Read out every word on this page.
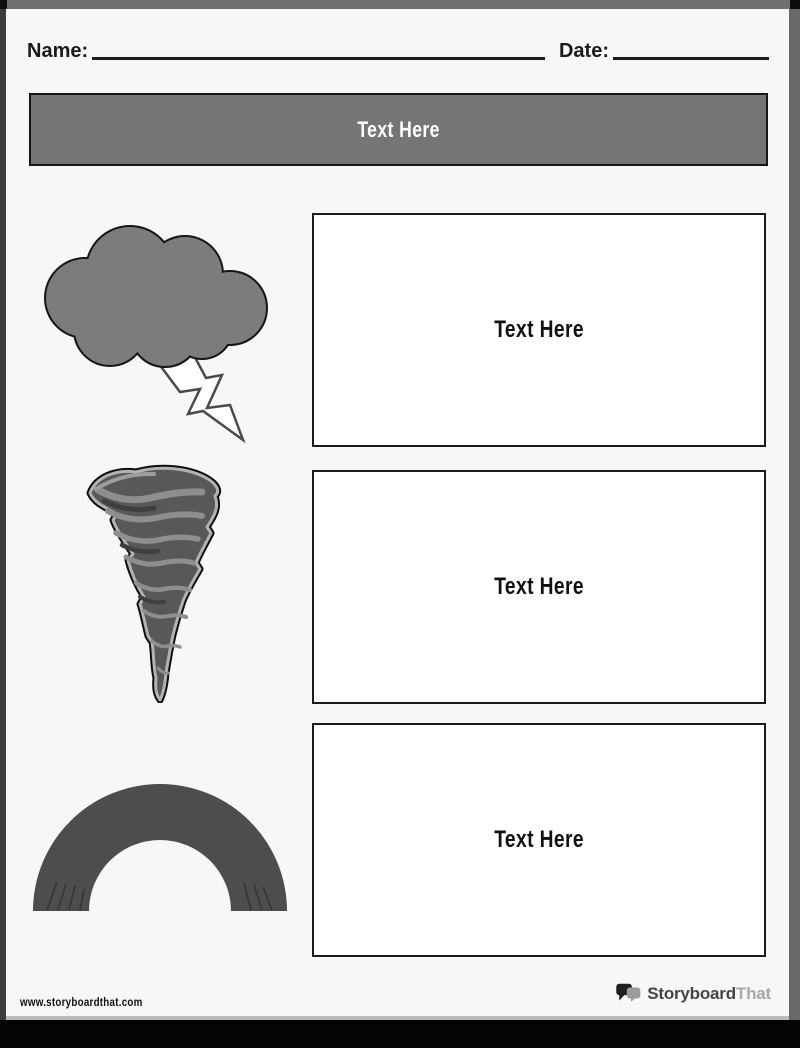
Name:	Date:
Text Here
Text Here
Text Here
Text Here
www.storyboardthat.com
StoryboardThat
